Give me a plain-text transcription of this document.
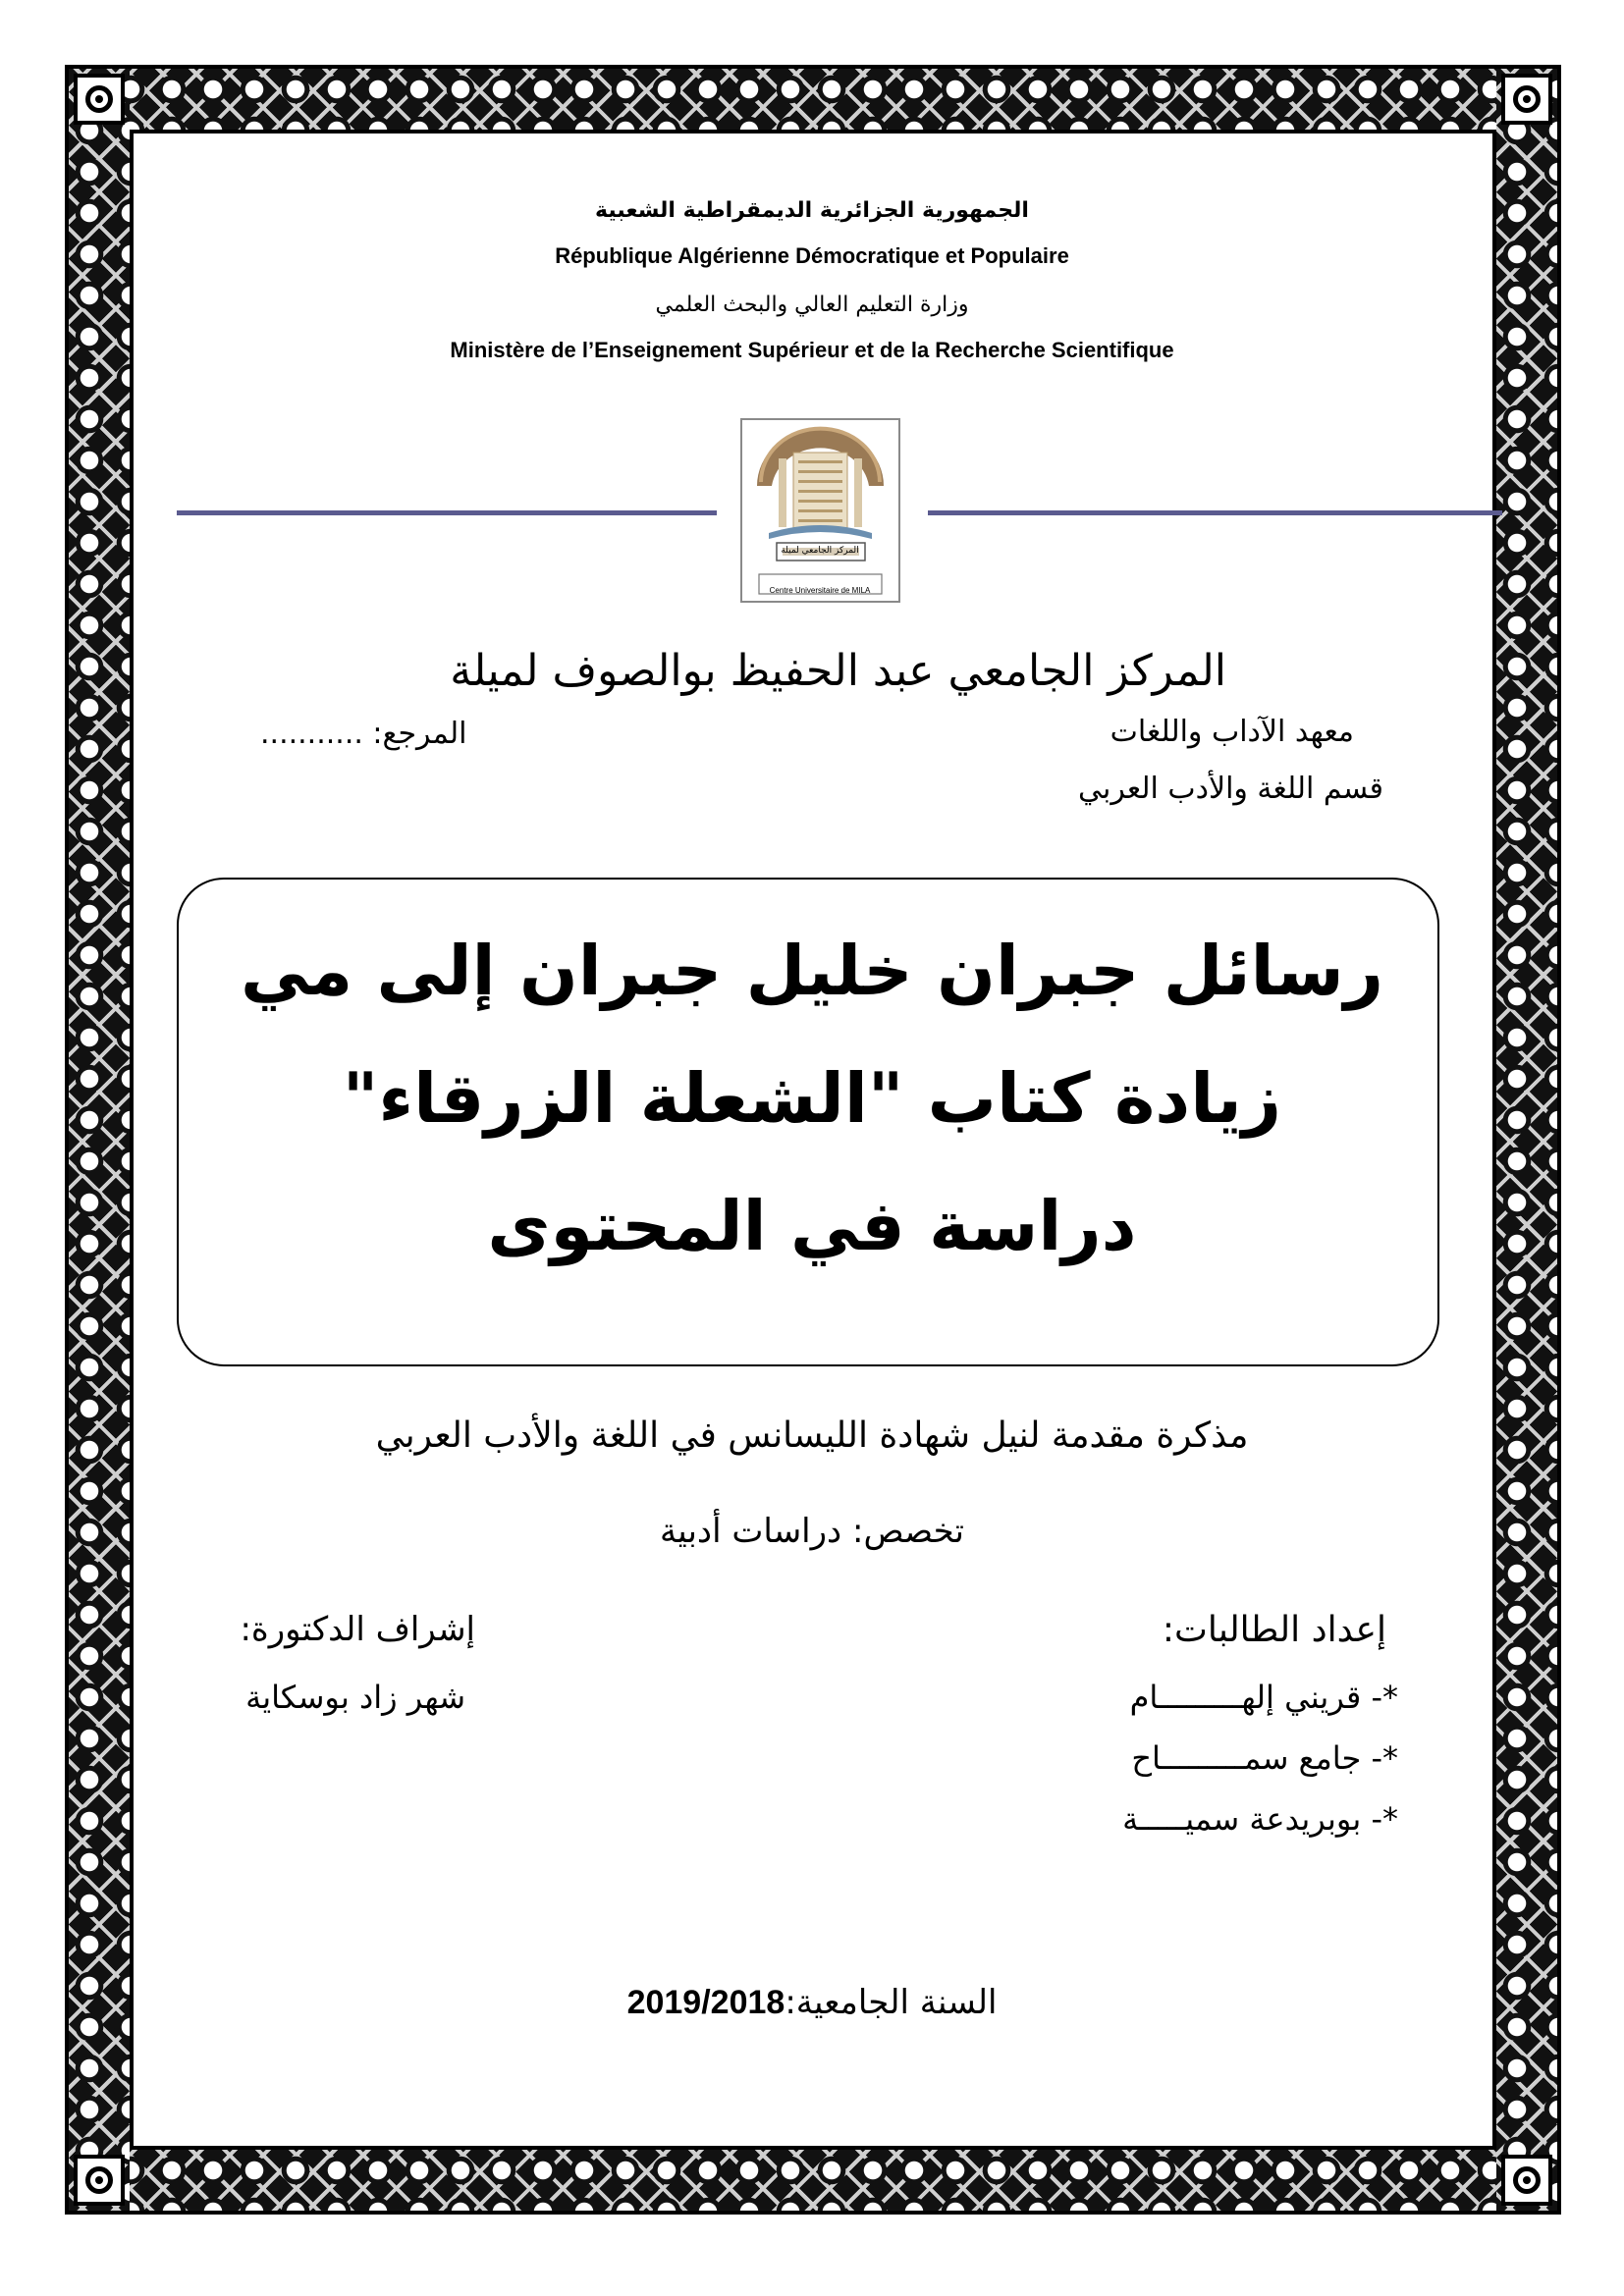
الجمهورية الجزائرية الديمقراطية الشعبية
République Algérienne Démocratique et Populaire
وزارة التعليم العالي والبحث العلمي
Ministère de l’Enseignement Supérieur et de la Recherche Scientifique
المركز الجامعي لميلة
Centre Universitaire de MILA
المركز الجامعي عبد الحفيظ بوالصوف لميلة
معهد الآداب واللغات
المرجع: ...........
قسم اللغة والأدب العربي
رسائل جبران خليل جبران إلى مي
زيادة كتاب "الشعلة الزرقاء"
دراسة في المحتوى
مذكرة مقدمة لنيل شهادة الليسانس في اللغة والأدب العربي
تخصص: دراسات أدبية
إعداد الطالبات:
إشراف الدكتورة:
شهر زاد بوسكاية	*- قريني إلهـــــــــام
*- جامع سمـــــــــاح
*- بوبريدعة سميـــــة
السنة الجامعية:2019/2018
